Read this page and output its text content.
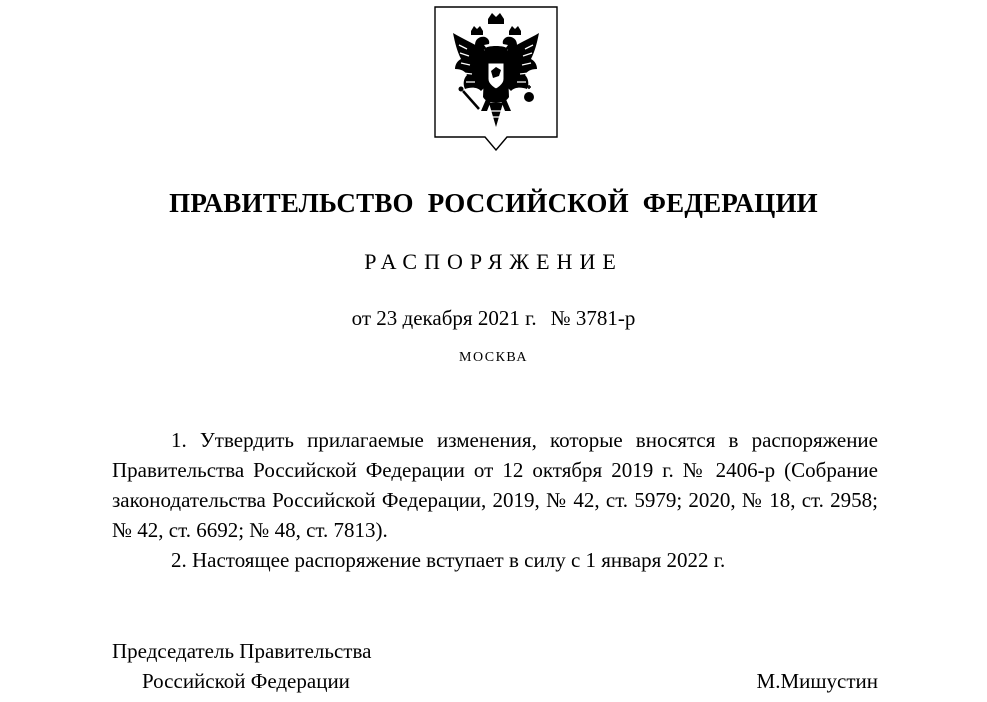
ПРАВИТЕЛЬСТВО РОССИЙСКОЙ ФЕДЕРАЦИИ
РАСПОРЯЖЕНИЕ
от 23 декабря 2021 г. № 3781-р
МОСКВА
1. Утвердить прилагаемые изменения, которые вносятся в распоряжение Правительства Российской Федерации от 12 октября 2019 г. № 2406-р (Собрание законодательства Российской Федерации, 2019, № 42, ст. 5979; 2020, № 18, ст. 2958; № 42, ст. 6692; № 48, ст. 7813).
2. Настоящее распоряжение вступает в силу с 1 января 2022 г.
Председатель Правительства
Российской Федерации	М.Мишустин
